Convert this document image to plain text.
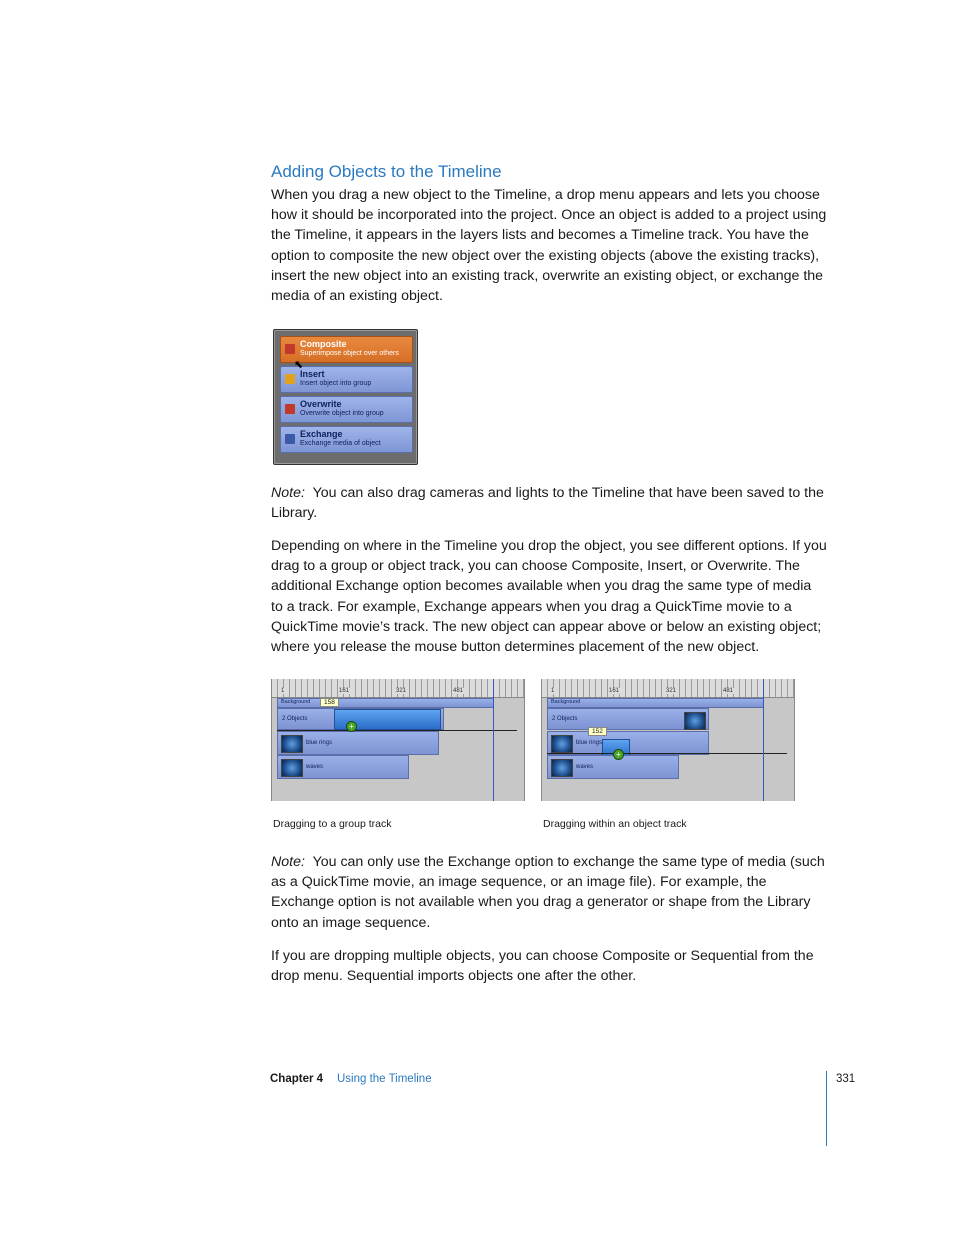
Adding Objects to the Timeline

When you drag a new object to the Timeline, a drop menu appears and lets you choose how it should be incorporated into the project. Once an object is added to a project using the Timeline, it appears in the layers lists and becomes a Timeline track. You have the option to composite the new object over the existing objects (above the existing tracks), insert the new object into an existing track, overwrite an existing object, or exchange the media of an existing object.

Composite
Superimpose object over others
Insert
Insert object into group
Overwrite
Overwrite object into group
Exchange
Exchange media of object
⬉

Note: You can also drag cameras and lights to the Timeline that have been saved to the Library.

Depending on where in the Timeline you drop the object, you see different options. If you drag to a group or object track, you can choose Composite, Insert, or Overwrite. The additional Exchange option becomes available when you drag the same type of media to a track. For example, Exchange appears when you drag a QuickTime movie to a QuickTime movie’s track. The new object can appear above or below an existing object; where you release the mouse button determines placement of the new object.

1	161	321	481
Background
2 Objects
blue rings
waves
158
+
1	161	321	481
Background
2 Objects
blue rings
waves
152
+
Dragging to a group track	Dragging within an object track

Note: You can only use the Exchange option to exchange the same type of media (such as a QuickTime movie, an image sequence, or an image file). For example, the Exchange option is not available when you drag a generator or shape from the Library onto an image sequence.

If you are dropping multiple objects, you can choose Composite or Sequential from the drop menu. Sequential imports objects one after the other.

Chapter 4 Using the Timeline	331
